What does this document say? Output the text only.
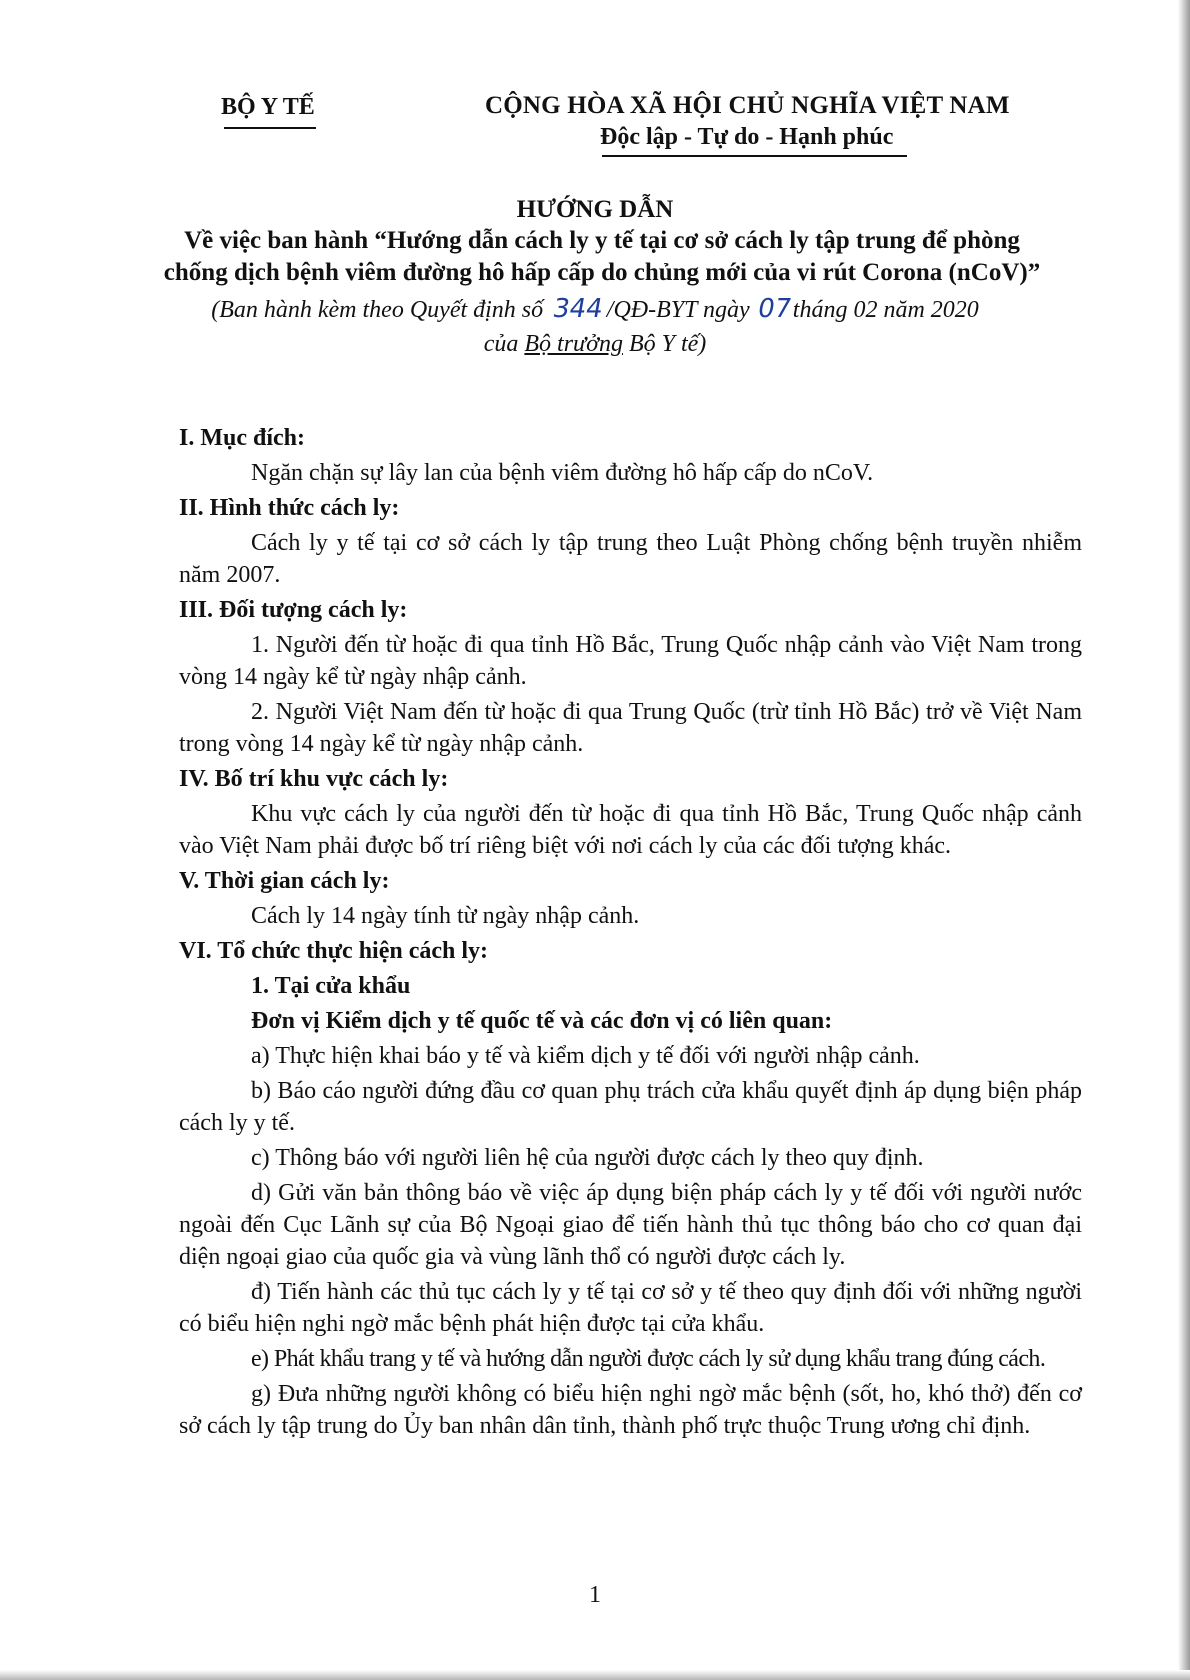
BỘ Y TẾ	CỘNG HÒA XÃ HỘI CHỦ NGHĨA VIỆT NAM
Độc lập - Tự do - Hạnh phúc
HƯỚNG DẪN
Về việc ban hành “Hướng dẫn cách ly y tế tại cơ sở cách ly tập trung để phòng
chống dịch bệnh viêm đường hô hấp cấp do chủng mới của vi rút Corona (nCoV)”
(Ban hành kèm theo Quyết định số 344/QĐ-BYT ngày 07tháng 02 năm 2020
của Bộ trưởng Bộ Y tế)

I. Mục đích:

Ngăn chặn sự lây lan của bệnh viêm đường hô hấp cấp do nCoV.

II. Hình thức cách ly:

Cách ly y tế tại cơ sở cách ly tập trung theo Luật Phòng chống bệnh truyền nhiễm năm 2007.

III. Đối tượng cách ly:

1. Người đến từ hoặc đi qua tỉnh Hồ Bắc, Trung Quốc nhập cảnh vào Việt Nam trong vòng 14 ngày kể từ ngày nhập cảnh.

2. Người Việt Nam đến từ hoặc đi qua Trung Quốc (trừ tỉnh Hồ Bắc) trở về Việt Nam trong vòng 14 ngày kể từ ngày nhập cảnh.

IV. Bố trí khu vực cách ly:

Khu vực cách ly của người đến từ hoặc đi qua tỉnh Hồ Bắc, Trung Quốc nhập cảnh vào Việt Nam phải được bố trí riêng biệt với nơi cách ly của các đối tượng khác.

V. Thời gian cách ly:

Cách ly 14 ngày tính từ ngày nhập cảnh.

VI. Tổ chức thực hiện cách ly:

1. Tại cửa khẩu

Đơn vị Kiểm dịch y tế quốc tế và các đơn vị có liên quan:

a) Thực hiện khai báo y tế và kiểm dịch y tế đối với người nhập cảnh.

b) Báo cáo người đứng đầu cơ quan phụ trách cửa khẩu quyết định áp dụng biện pháp cách ly y tế.

c) Thông báo với người liên hệ của người được cách ly theo quy định.

d) Gửi văn bản thông báo về việc áp dụng biện pháp cách ly y tế đối với người nước ngoài đến Cục Lãnh sự của Bộ Ngoại giao để tiến hành thủ tục thông báo cho cơ quan đại diện ngoại giao của quốc gia và vùng lãnh thổ có người được cách ly.

đ) Tiến hành các thủ tục cách ly y tế tại cơ sở y tế theo quy định đối với những người có biểu hiện nghi ngờ mắc bệnh phát hiện được tại cửa khẩu.

e) Phát khẩu trang y tế và hướng dẫn người được cách ly sử dụng khẩu trang đúng cách.

g) Đưa những người không có biểu hiện nghi ngờ mắc bệnh (sốt, ho, khó thở) đến cơ sở cách ly tập trung do Ủy ban nhân dân tỉnh, thành phố trực thuộc Trung ương chỉ định.

1
